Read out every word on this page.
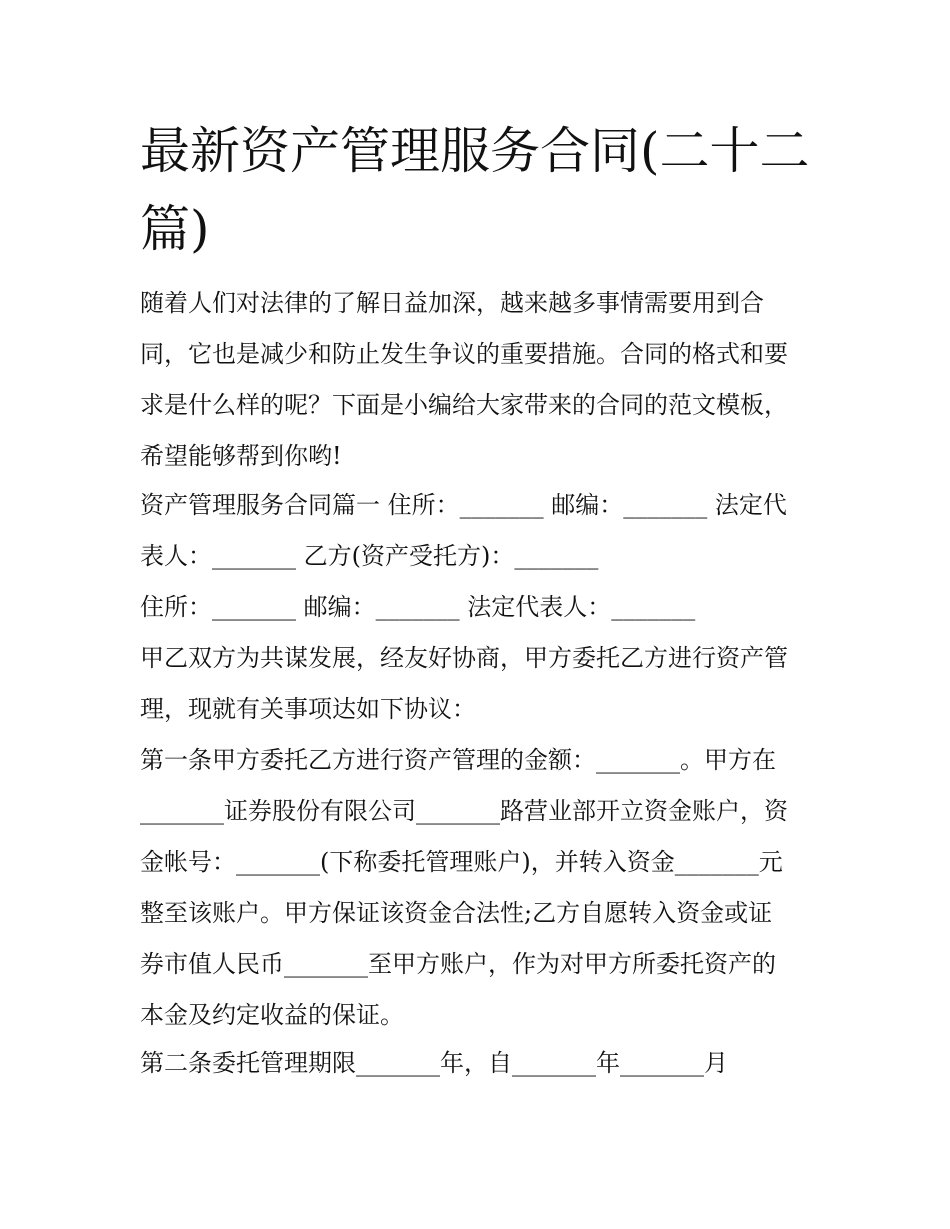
最新资产管理服务合同(二十二
篇)
随着人们对法律的了解日益加深，越来越多事情需要用到合
同，它也是减少和防止发生争议的重要措施。合同的格式和要
求是什么样的呢？下面是小编给大家带来的合同的范文模板，
希望能够帮到你哟!
资产管理服务合同篇一 住所：_______ 邮编：_______ 法定代
表人：_______ 乙方(资产受托方)：_______
住所：_______ 邮编：_______ 法定代表人：_______
甲乙双方为共谋发展，经友好协商，甲方委托乙方进行资产管
理，现就有关事项达如下协议：
第一条甲方委托乙方进行资产管理的金额：_______。甲方在
_______证券股份有限公司_______路营业部开立资金账户，资
金帐号：_______(下称委托管理账户)，并转入资金_______元
整至该账户。甲方保证该资金合法性;乙方自愿转入资金或证
券市值人民币_______至甲方账户，作为对甲方所委托资产的
本金及约定收益的保证。
第二条委托管理期限_______年，自_______年_______月
